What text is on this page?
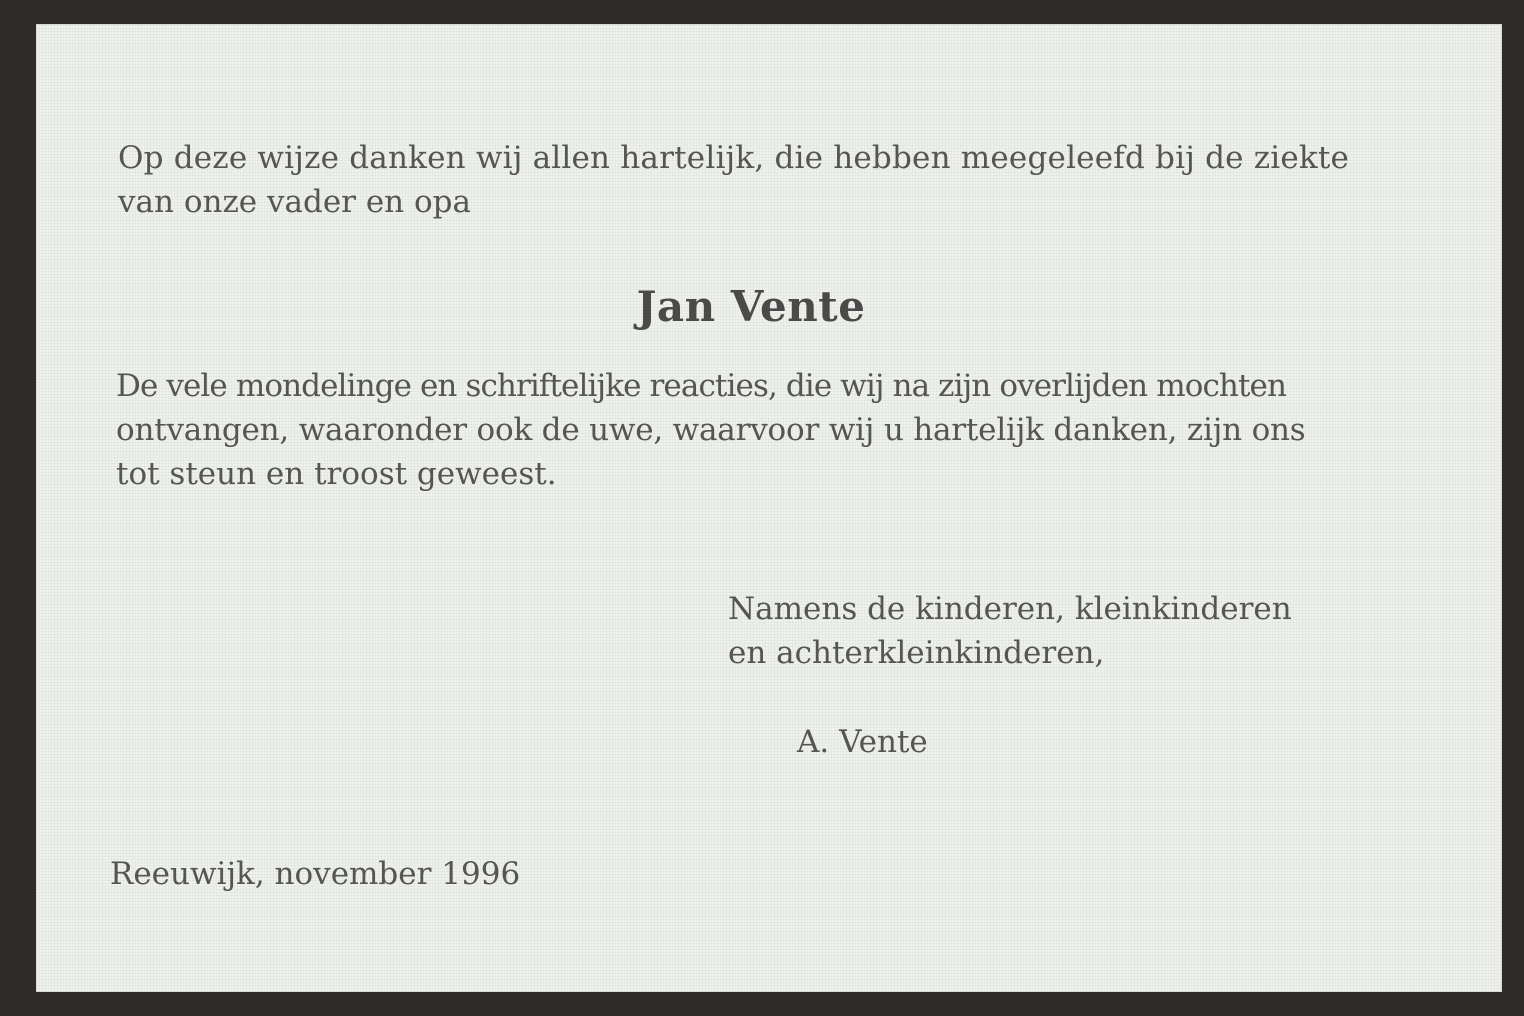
Op deze wijze danken wij allen hartelijk, die hebben meegeleefd bij de ziekte
van onze vader en opa

Jan Vente

De vele mondelinge en schriftelijke reacties, die wij na zijn overlijden mochten
ontvangen, waaronder ook de uwe, waarvoor wij u hartelijk danken, zijn ons
tot steun en troost geweest.

Namens de kinderen, kleinkinderen
en achterkleinkinderen,
A. Vente
Reeuwijk, november 1996
